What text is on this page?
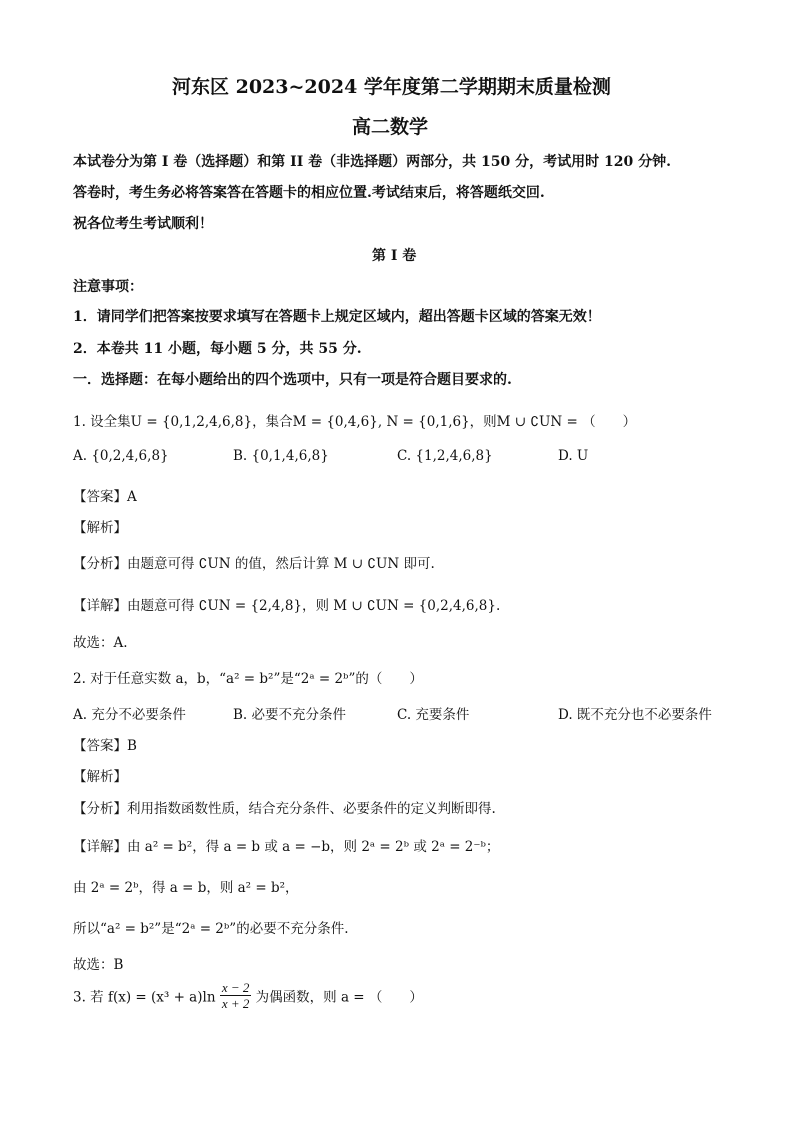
河东区 2023~2024 学年度第二学期期末质量检测
高二数学
本试卷分为第 I 卷（选择题）和第 II 卷（非选择题）两部分，共 150 分，考试用时 120 分钟.
答卷时，考生务必将答案答在答题卡的相应位置.考试结束后，将答题纸交回.
祝各位考生考试顺利！
第 I 卷
注意事项：
1．请同学们把答案按要求填写在答题卡上规定区域内，超出答题卡区域的答案无效！
2．本卷共 11 小题，每小题 5 分，共 55 分.
一．选择题：在每小题给出的四个选项中，只有一项是符合题目要求的.
1. 设全集U = {0,1,2,4,6,8}，集合M = {0,4,6}, N = {0,1,6}，则M ∪ ∁UN = （　　）
A. {0,2,4,6,8}	B. {0,1,4,6,8}	C. {1,2,4,6,8}	D. U
【答案】A
【解析】
【分析】由题意可得 ∁UN 的值，然后计算 M ∪ ∁UN 即可.
【详解】由题意可得 ∁UN = {2,4,8}，则 M ∪ ∁UN = {0,2,4,6,8}.
故选：A.
2. 对于任意实数 a，b，“a² = b²”是“2ᵃ = 2ᵇ”的（　　）
A. 充分不必要条件	B. 必要不充分条件	C. 充要条件	D. 既不充分也不必要条件
【答案】B
【解析】
【分析】利用指数函数性质，结合充分条件、必要条件的定义判断即得.
【详解】由 a² = b²，得 a = b 或 a = −b，则 2ᵃ = 2ᵇ 或 2ᵃ = 2⁻ᵇ；
由 2ᵃ = 2ᵇ，得 a = b，则 a² = b²，
所以“a² = b²”是“2ᵃ = 2ᵇ”的必要不充分条件.
故选：B
3. 若 $f(x) = (x^3 + a)\ln \frac{x - 2}{x + 2}$ 为偶函数，则 a = （　　）
